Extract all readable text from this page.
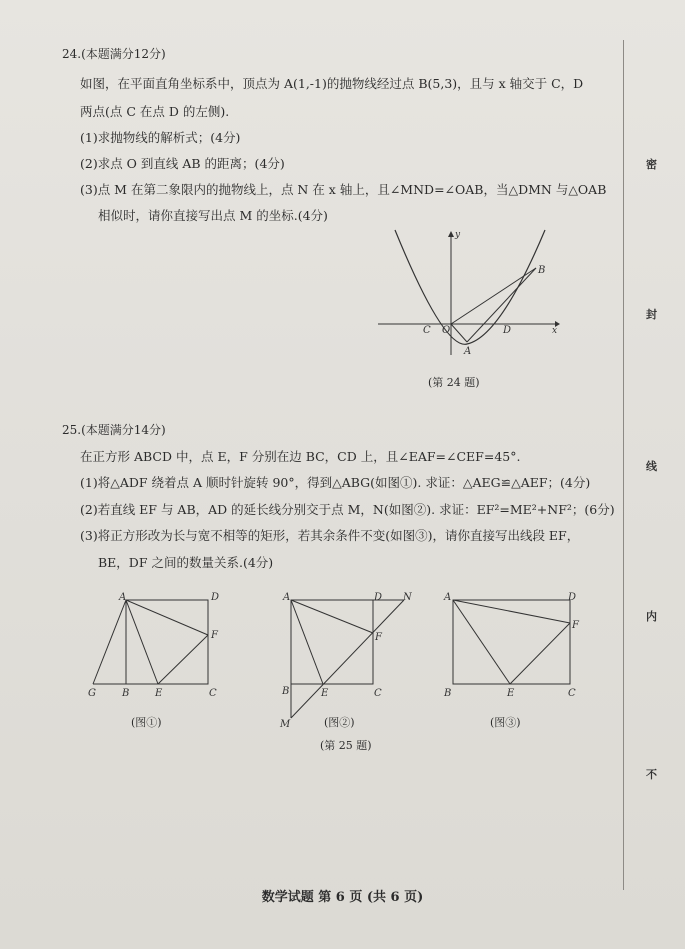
密
封
线
内
不
24.(本题满分12分)
如图，在平面直角坐标系中，顶点为 A(1,-1)的抛物线经过点 B(5,3)，且与 x 轴交于 C，D
两点(点 C 在点 D 的左侧).
(1)求抛物线的解析式；(4分)
(2)求点 O 到直线 AB 的距离；(4分)
(3)点 M 在第二象限内的抛物线上，点 N 在 x 轴上，且∠MND=∠OAB，当△DMN 与△OAB
相似时，请你直接写出点 M 的坐标.(4分)
y
x
O
C	D
A
B
(第 24 题)
25.(本题满分14分)
在正方形 ABCD 中，点 E，F 分别在边 BC，CD 上，且∠EAF=∠CEF=45°.
(1)将△ADF 绕着点 A 顺时针旋转 90°，得到△ABG(如图①). 求证：△AEG≌△AEF；(4分)
(2)若直线 EF 与 AB，AD 的延长线分别交于点 M，N(如图②). 求证：EF²=ME²+NF²；(6分)
(3)将正方形改为长与宽不相等的矩形，若其余条件不变(如图③)，请你直接写出线段 EF，
BE，DF 之间的数量关系.(4分)
A	D
F
G	B	E	C
(图①)
A	D N
F
B	E	C
M	(图②)
(第 25 题)
A	D
F
B	E	C
(图③)
数学试题 第 6 页 (共 6 页)
